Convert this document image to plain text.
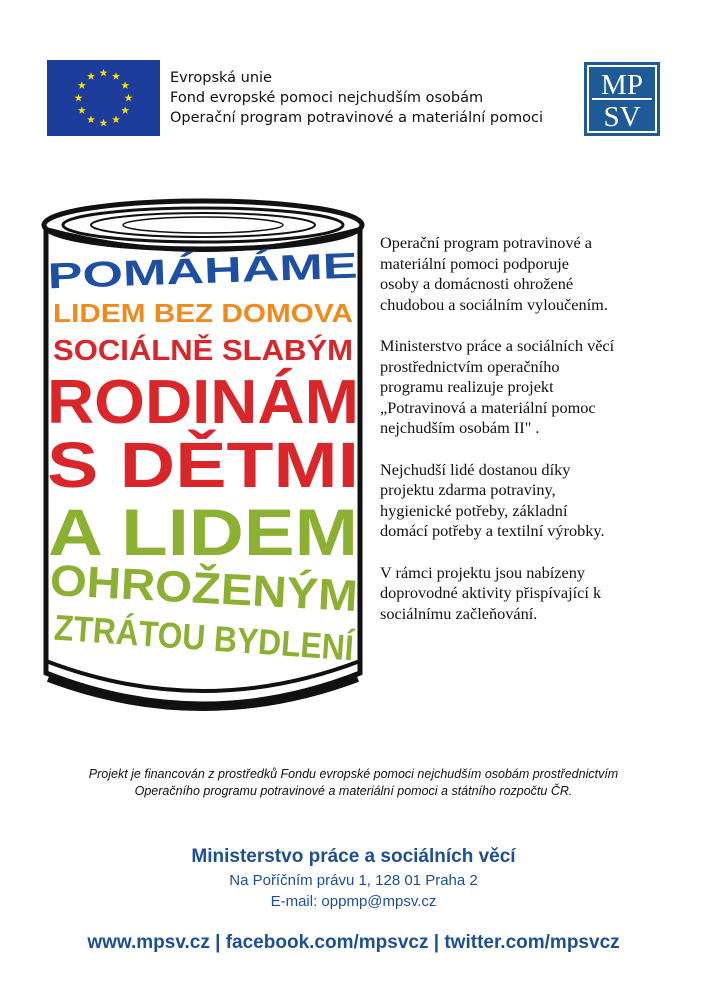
Evropská unie
Fond evropské pomoci nejchudším osobám
Operační program potravinové a materiální pomoci
MP
SV
POMÁHÁME
LIDEM BEZ DOMOVA
SOCIÁLNĚ SLABÝM
RODINÁM
S DĚTMI
A LIDEM
OHROŽENÝM
ZTRÁTOU BYDLENÍ

Operační program potravinové a
materiální pomoci podporuje
osoby a domácnosti ohrožené
chudobou a sociálním vyloučením.

Ministerstvo práce a sociálních věcí
prostřednictvím operačního
programu realizuje projekt
„Potravinová a materiální pomoc
nejchudším osobám II" .

Nejchudší lidé dostanou díky
projektu zdarma potraviny,
hygienické potřeby, základní
domácí potřeby a textilní výrobky.

V rámci projektu jsou nabízeny
doprovodné aktivity přispívající k
sociálnímu začleňování.

Projekt je financován z prostředků Fondu evropské pomoci nejchudším osobám prostřednictvím
Operačního programu potravinové a materiální pomoci a státního rozpočtu ČR.
Ministerstvo práce a sociálních věcí
Na Poříčním právu 1, 128 01 Praha 2
E-mail: oppmp@mpsv.cz
www.mpsv.cz | facebook.com/mpsvcz | twitter.com/mpsvcz
